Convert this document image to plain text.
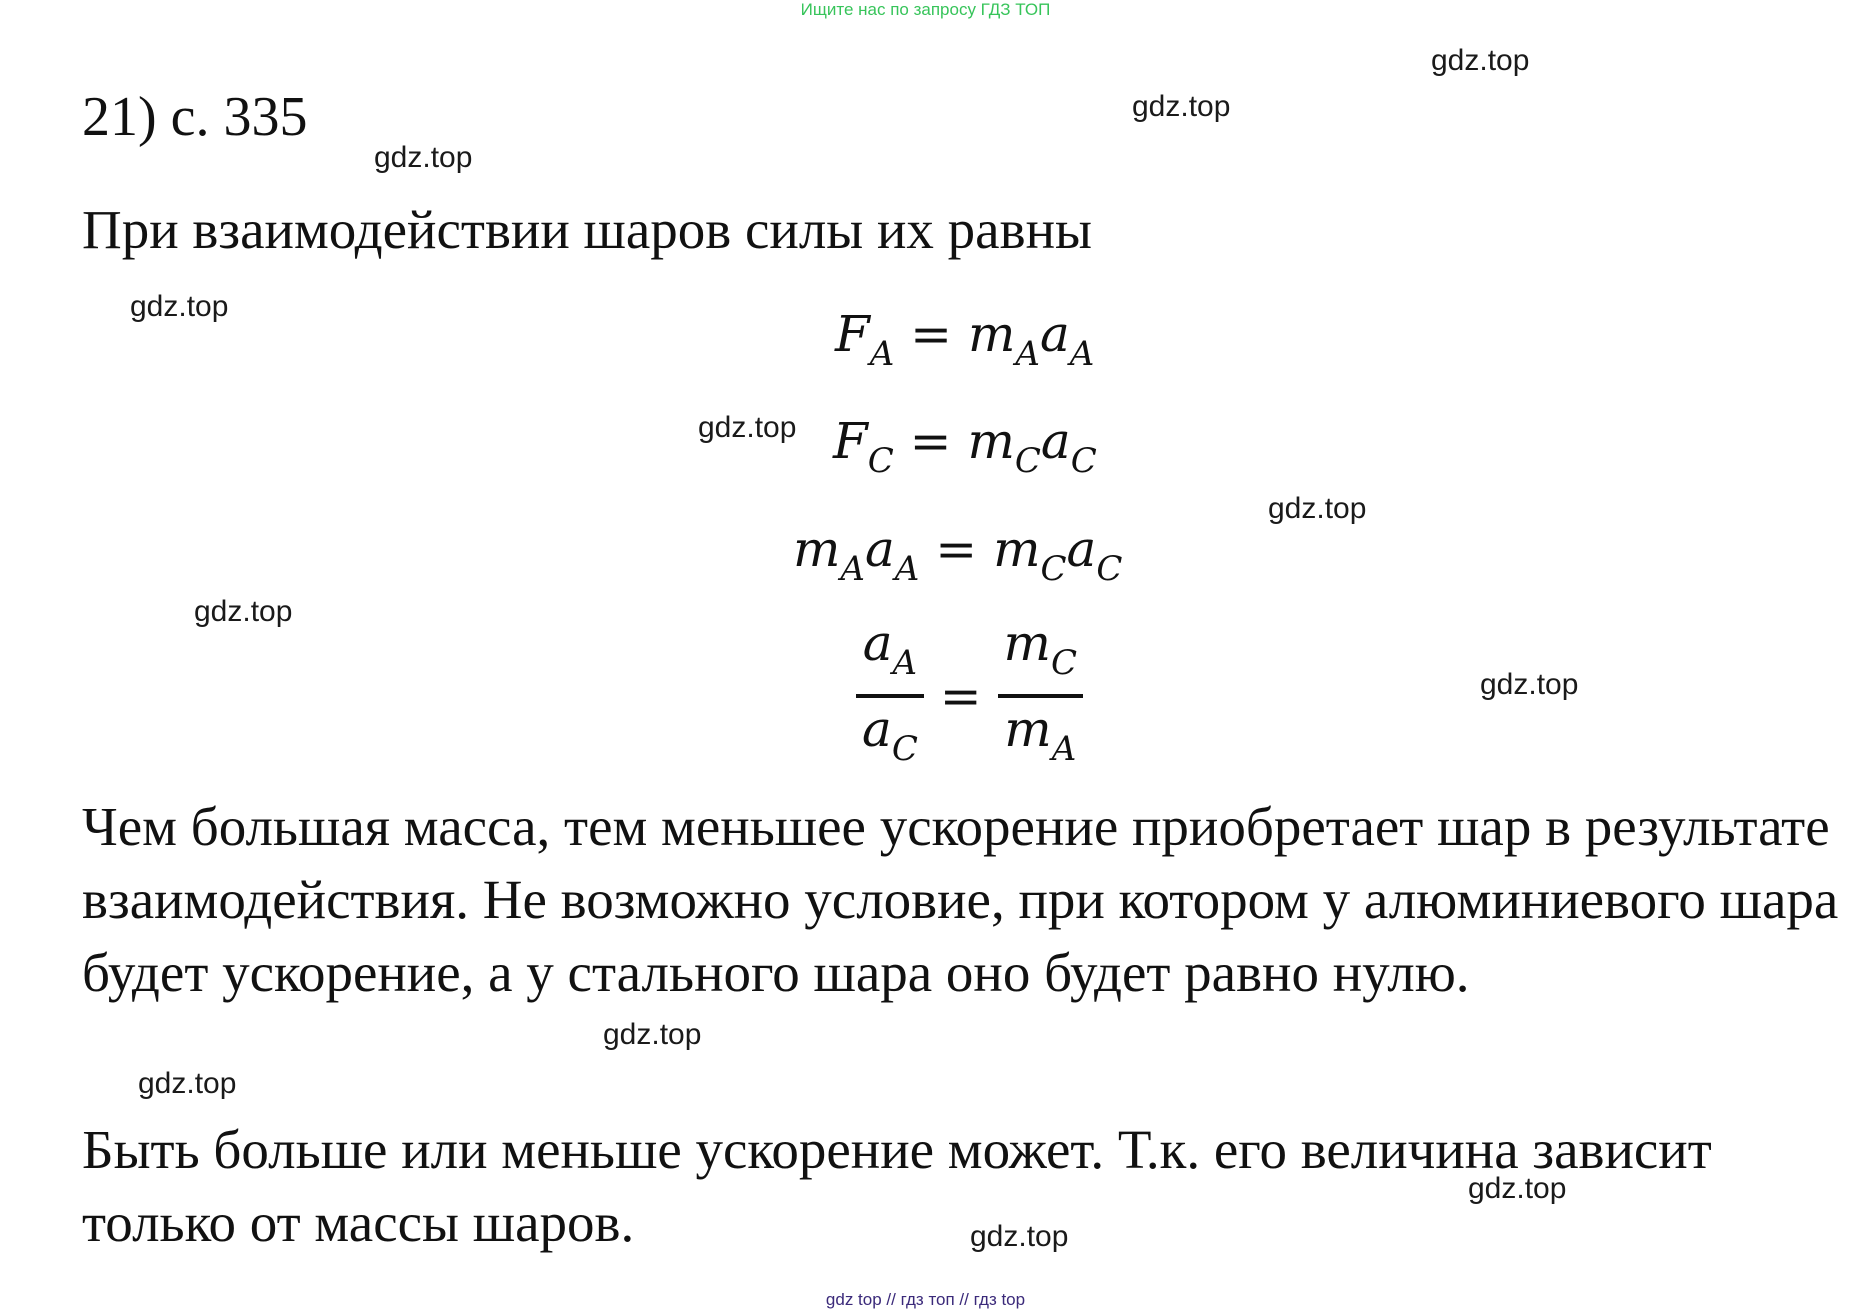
Ищите нас по запросу ГДЗ ТОП
gdz.top
gdz.top
gdz.top
gdz.top
gdz.top
gdz.top
gdz.top
gdz.top
gdz.top
gdz.top
gdz.top
gdz.top
21) с. 335
При взаимодействии шаров силы их равны
$F_A = m_Aa_A$
$F_C = m_Ca_C$
$m_Aa_A = m_Ca_C$
$\frac{a_A}{a_C} = \frac{m_C}{m_A}$
Чем большая масса, тем меньшее ускорение приобретает шар в результате взаимодействия. Не возможно условие, при котором у алюминиевого шара будет ускорение, а у стального шара оно будет равно нулю.
Быть больше или меньше ускорение может. Т.к. его величина зависит только от массы шаров.
gdz top // гдз топ // гдз top
